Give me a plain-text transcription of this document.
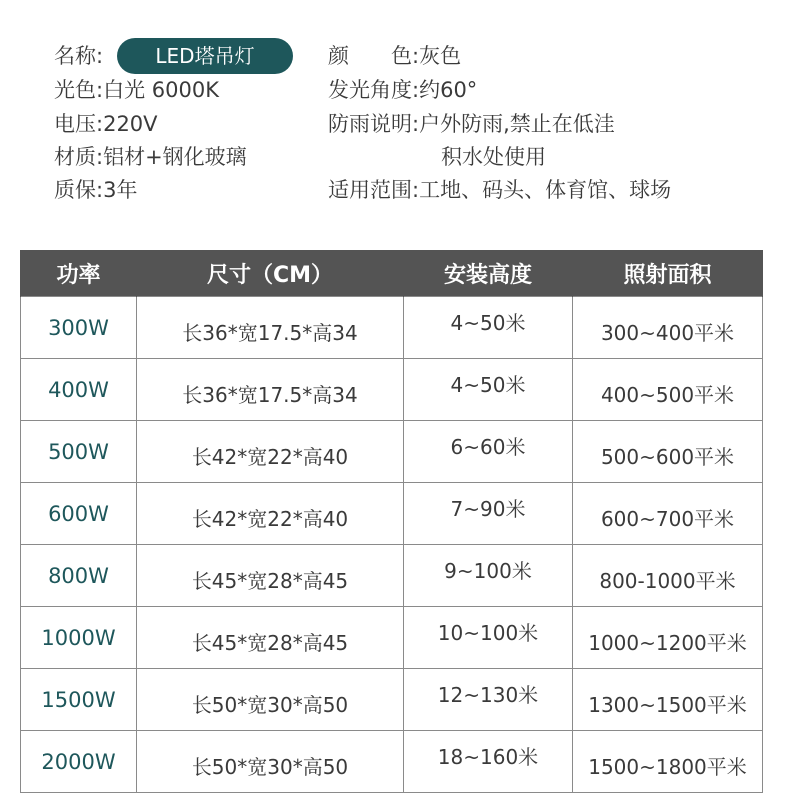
名称:	LED塔吊灯
光色:白光 6000K
电压:220V
材质:铝材+钢化玻璃
质保:3年
颜　　色:灰色
发光角度:约60°
防雨说明:户外防雨,禁止在低洼
积水处使用
适用范围:工地、码头、体育馆、球场
功率	尺寸（CM）	安装高度	照射面积
300W	长36*宽17.5*高34	4~50米	300~400平米
400W	长36*宽17.5*高34	4~50米	400~500平米
500W	长42*宽22*高40	6~60米	500~600平米
600W	长42*宽22*高40	7~90米	600~700平米
800W	长45*宽28*高45	9~100米	800-1000平米
1000W	长45*宽28*高45	10~100米	1000~1200平米
1500W	长50*宽30*高50	12~130米	1300~1500平米
2000W	长50*宽30*高50	18~160米	1500~1800平米
